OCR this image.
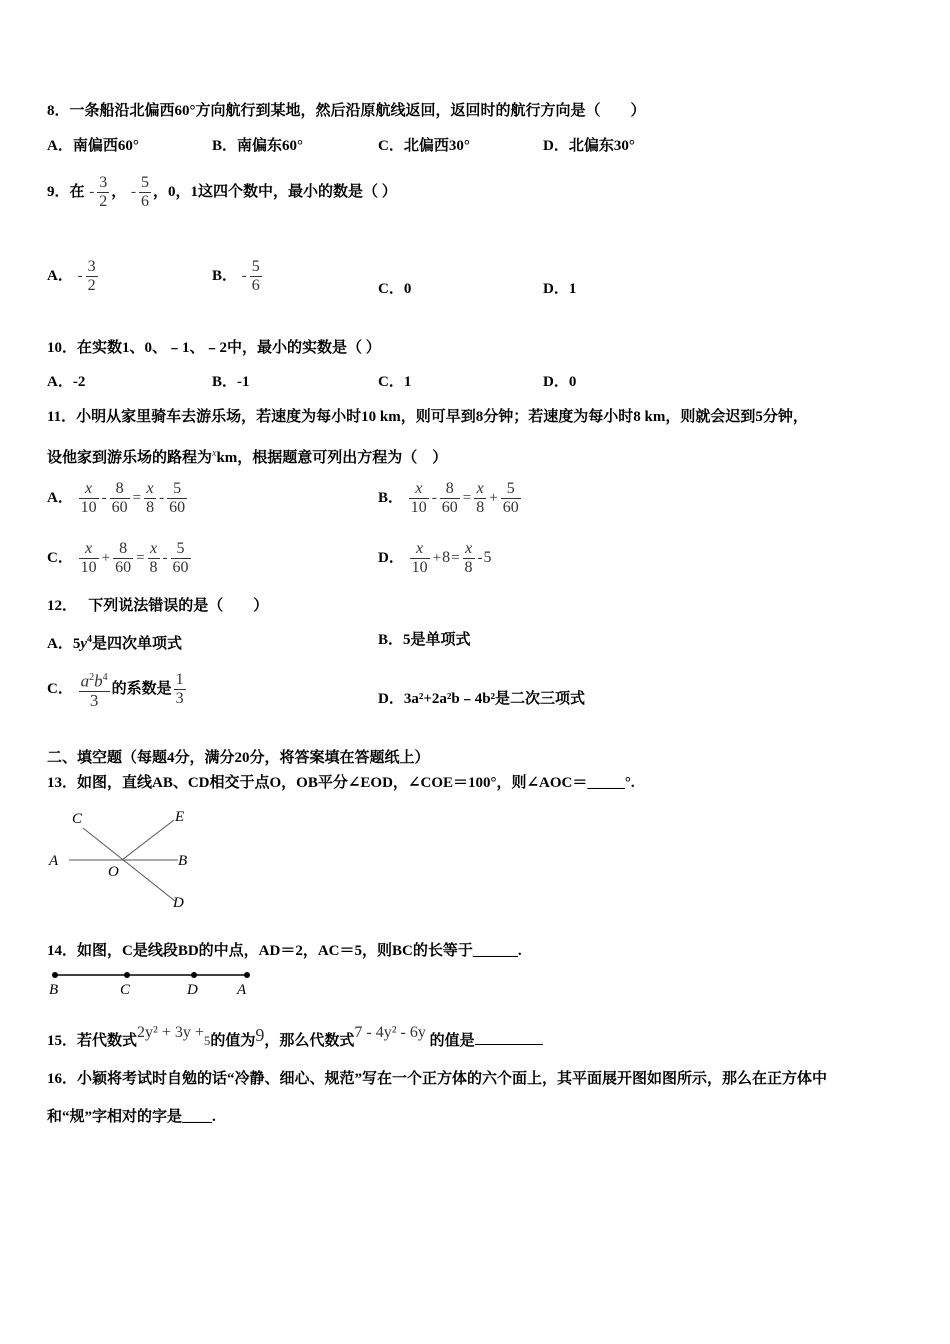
8．一条船沿北偏西60°方向航行到某地，然后沿原航线返回，返回时的航行方向是（　　）
A．南偏西60°	B．南偏东60°	C．北偏西30°	D．北偏东30°
9．在 - $\frac{3}{2}$ ， - $\frac{5}{6}$ ，0，1这四个数中，最小的数是（ ）
A． - $\frac{3}{2}$	B． - $\frac{5}{6}$	C．0	D．1
10．在实数1、0、﹣1、﹣2中，最小的实数是（ ）
A．-2	B．-1	C．1	D．0
11．小明从家里骑车去游乐场，若速度为每小时10 km，则可早到8分钟；若速度为每小时8 km，则就会迟到5分钟，
设他家到游乐场的路程为$^x$km，根据题意可列出方程为（　）
A． $\frac{x}{10} - \frac{8}{60} = \frac{x}{8} - \frac{5}{60}$	B． $\frac{x}{10} - \frac{8}{60} = \frac{x}{8} + \frac{5}{60}$
C． $\frac{x}{10} + \frac{8}{60} = \frac{x}{8} - \frac{5}{60}$	D． $\frac{x}{10} +8= \frac{x}{8} -5$
12．　 下列说法错误的是（　　）
A．$5y^4$是四次单项式	B．5是单项式
C． $\frac{a^2b^4}{3}$ 的系数是 $\frac{1}{3}$	D．3a²+2a²b﹣4b²是二次三项式
二、填空题（每题4分，满分20分，将答案填在答题纸上）
13．如图，直线AB、CD相交于点O，OB平分∠EOD，∠COE＝100°，则∠AOC＝_____°.
C	E
A	B
O
D
14．如图，C是线段BD的中点，AD＝2，AC＝5，则BC的长等于______.
B	C	D	A
15．若代数式2y² + 3y +5的值为9，那么代数式7 - 4y² - 6y 的值是
16．小颖将考试时自勉的话“冷静、细心、规范”写在一个正方体的六个面上，其平面展开图如图所示，那么在正方体中
和“规”字相对的字是____.
